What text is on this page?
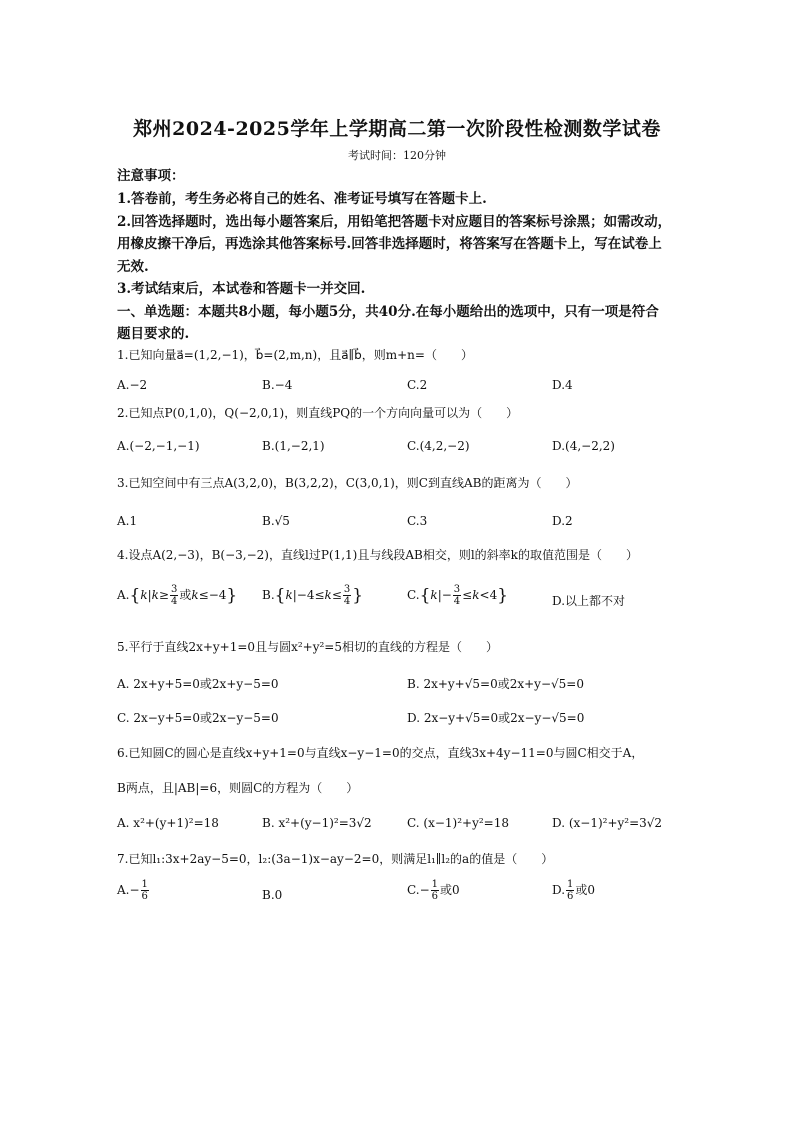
郑州2024-2025学年上学期高二第一次阶段性检测数学试卷
考试时间：120分钟
注意事项：
1.答卷前，考生务必将自己的姓名、准考证号填写在答题卡上.
2.回答选择题时，选出每小题答案后，用铅笔把答题卡对应题目的答案标号涂黑；如需改动，
用橡皮擦干净后，再选涂其他答案标号.回答非选择题时，将答案写在答题卡上，写在试卷上
无效.
3.考试结束后，本试卷和答题卡一并交回.
一、单选题：本题共8小题，每小题5分，共40分.在每小题给出的选项中，只有一项是符合
题目要求的.
1.已知向量a⃗=(1,2,−1)，b⃗=(2,m,n)，且a⃗∥b⃗，则m+n=（　　）
A.−2	B.−4	C.2	D.4
2.已知点P(0,1,0)，Q(−2,0,1)，则直线PQ的一个方向向量可以为（　　）
A.(−2,−1,−1)	B.(1,−2,1)	C.(4,2,−2)	D.(4,−2,2)
3.已知空间中有三点A(3,2,0)，B(3,2,2)，C(3,0,1)，则C到直线AB的距离为（　　）
A.1	B.√5	C.3	D.2
4.设点A(2,−3)，B(−3,−2)，直线l过P(1,1)且与线段AB相交，则l的斜率k的取值范围是（　　）
$A.\{k|k\ge \frac{3}{4}$ 或k≤−4} $B.\{k|-4\le k\le \frac{3}{4}$ }	$C.\{k|- \frac{3}{4} \le k<4\}$	D.以上都不对
5.平行于直线2x+y+1=0且与圆x²+y²=5相切的直线的方程是（　　）
A. 2x+y+5=0或2x+y−5=0	B. 2x+y+√5=0或2x+y−√5=0
C. 2x−y+5=0或2x−y−5=0	D. 2x−y+√5=0或2x−y−√5=0
6.已知圆C的圆心是直线x+y+1=0与直线x−y−1=0的交点，直线3x+4y−11=0与圆C相交于A，
B两点，且|AB|=6，则圆C的方程为（　　）
A. x²+(y+1)²=18	B. x²+(y−1)²=3√2	C. (x−1)²+y²=18	D. (x−1)²+y²=3√2
7.已知l₁:3x+2ay−5=0，l₂:(3a−1)x−ay−2=0，则满足l₁∥l₂的a的值是（　　）
$A.- \frac{1}{6}$	B.0	$C.- \frac{1}{6}$ 或0	D. $\frac{1}{6}$ 或0
